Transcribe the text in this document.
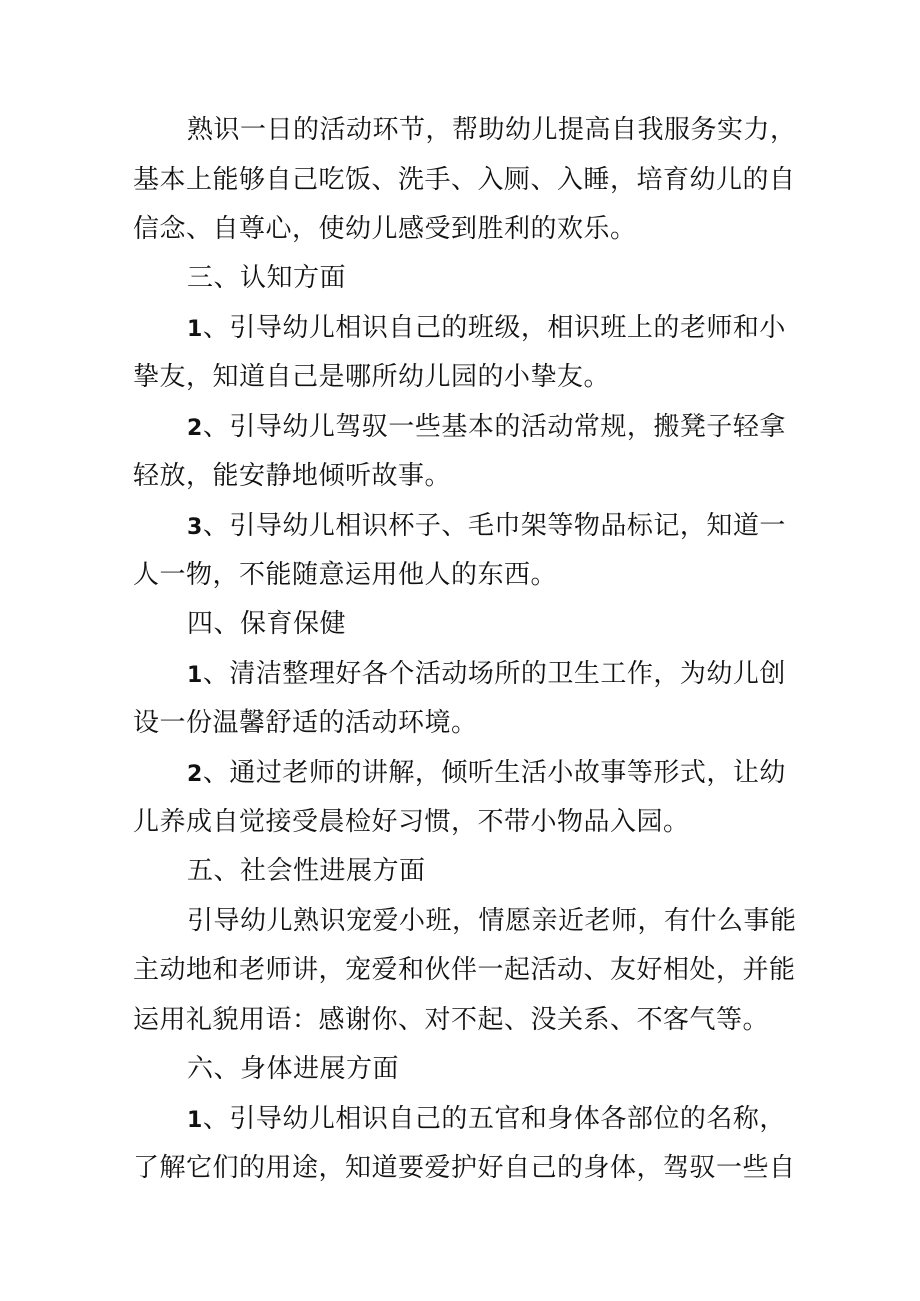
熟识一日的活动环节，帮助幼儿提高自我服务实力，
基本上能够自己吃饭、洗手、入厕、入睡，培育幼儿的自
信念、自尊心，使幼儿感受到胜利的欢乐。
三、认知方面
1、引导幼儿相识自己的班级，相识班上的老师和小
挚友，知道自己是哪所幼儿园的小挚友。
2、引导幼儿驾驭一些基本的活动常规，搬凳子轻拿
轻放，能安静地倾听故事。
3、引导幼儿相识杯子、毛巾架等物品标记，知道一
人一物，不能随意运用他人的东西。
四、保育保健
1、清洁整理好各个活动场所的卫生工作，为幼儿创
设一份温馨舒适的活动环境。
2、通过老师的讲解，倾听生活小故事等形式，让幼
儿养成自觉接受晨检好习惯，不带小物品入园。
五、社会性进展方面
引导幼儿熟识宠爱小班，情愿亲近老师，有什么事能
主动地和老师讲，宠爱和伙伴一起活动、友好相处，并能
运用礼貌用语：感谢你、对不起、没关系、不客气等。
六、身体进展方面
1、引导幼儿相识自己的五官和身体各部位的名称，
了解它们的用途，知道要爱护好自己的身体，驾驭一些自
